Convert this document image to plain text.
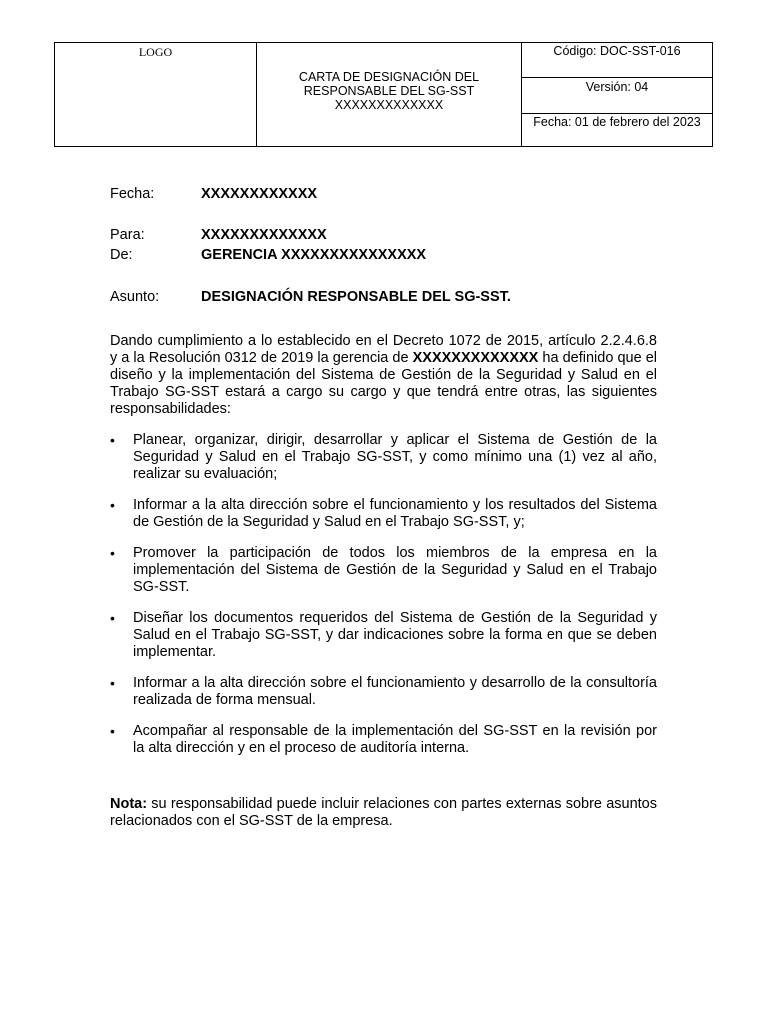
LOGO	
CARTA DE DESIGNACIÓN DEL
RESPONSABLE DEL SG-SST
XXXXXXXXXXXXX

Código: DOC-SST-016
Versión: 04
Fecha: 01 de febrero del 2023
Fecha:	XXXXXXXXXXXX
Para:	XXXXXXXXXXXXX
De:	GERENCIA XXXXXXXXXXXXXXX
Asunto:	DESIGNACIÓN RESPONSABLE DEL SG-SST.
Dando cumplimiento a lo establecido en el Decreto 1072 de 2015, artículo 2.2.4.6.8 y a la Resolución 0312 de 2019 la gerencia de XXXXXXXXXXXXX ha definido que el diseño y la implementación del Sistema de Gestión de la Seguridad y Salud en el Trabajo SG-SST estará a cargo su cargo y que tendrá entre otras, las siguientes responsabilidades:
• Planear, organizar, dirigir, desarrollar y aplicar el Sistema de Gestión de la Seguridad y Salud en el Trabajo SG-SST, y como mínimo una (1) vez al año, realizar su evaluación;
• Informar a la alta dirección sobre el funcionamiento y los resultados del Sistema de Gestión de la Seguridad y Salud en el Trabajo SG-SST, y;
• Promover la participación de todos los miembros de la empresa en la implementación del Sistema de Gestión de la Seguridad y Salud en el Trabajo SG-SST.
• Diseñar los documentos requeridos del Sistema de Gestión de la Seguridad y Salud en el Trabajo SG-SST, y dar indicaciones sobre la forma en que se deben implementar.
• Informar a la alta dirección sobre el funcionamiento y desarrollo de la consultoría realizada de forma mensual.
• Acompañar al responsable de la implementación del SG-SST en la revisión por la alta dirección y en el proceso de auditoría interna.
Nota: su responsabilidad puede incluir relaciones con partes externas sobre asuntos relacionados con el SG-SST de la empresa.
